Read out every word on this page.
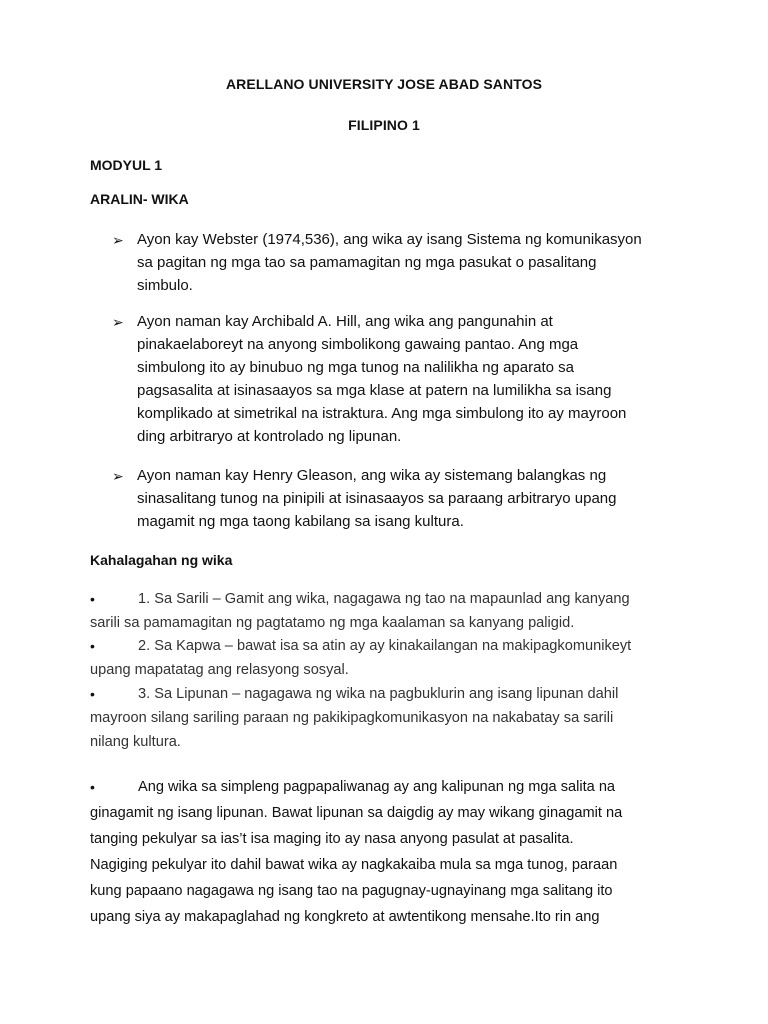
ARELLANO UNIVERSITY JOSE ABAD SANTOS
FILIPINO 1
MODYUL 1
ARALIN- WIKA
➢ Ayon kay Webster (1974,536), ang wika ay isang Sistema ng komunikasyon
sa pagitan ng mga tao sa pamamagitan ng mga pasukat o pasalitang
simbulo.
➢ Ayon naman kay Archibald A. Hill, ang wika ang pangunahin at
pinakaelaboreyt na anyong simbolikong gawaing pantao. Ang mga
simbulong ito ay binubuo ng mga tunog na nalilikha ng aparato sa
pagsasalita at isinasaayos sa mga klase at patern na lumilikha sa isang
komplikado at simetrikal na istraktura. Ang mga simbulong ito ay mayroon
ding arbitraryo at kontrolado ng lipunan.
➢ Ayon naman kay Henry Gleason, ang wika ay sistemang balangkas ng
sinasalitang tunog na pinipili at isinasaayos sa paraang arbitraryo upang
magamit ng mga taong kabilang sa isang kultura.
Kahalagahan ng wika
•	1. Sa Sarili – Gamit ang wika, nagagawa ng tao na mapaunlad ang kanyang
sarili sa pamamagitan ng pagtatamo ng mga kaalaman sa kanyang paligid.
•	2. Sa Kapwa – bawat isa sa atin ay ay kinakailangan na makipagkomunikeyt
upang mapatatag ang relasyong sosyal.
•	3. Sa Lipunan – nagagawa ng wika na pagbuklurin ang isang lipunan dahil
mayroon silang sariling paraan ng pakikipagkomunikasyon na nakabatay sa sarili
nilang kultura.
•	Ang wika sa simpleng pagpapaliwanag ay ang kalipunan ng mga salita na
ginagamit ng isang lipunan. Bawat lipunan sa daigdig ay may wikang ginagamit na
tanging pekulyar sa ias’t isa maging ito ay nasa anyong pasulat at pasalita.
Nagiging pekulyar ito dahil bawat wika ay nagkakaiba mula sa mga tunog, paraan
kung papaano nagagawa ng isang tao na pagugnay-ugnayinang mga salitang ito
upang siya ay makapaglahad ng kongkreto at awtentikong mensahe.Ito rin ang
